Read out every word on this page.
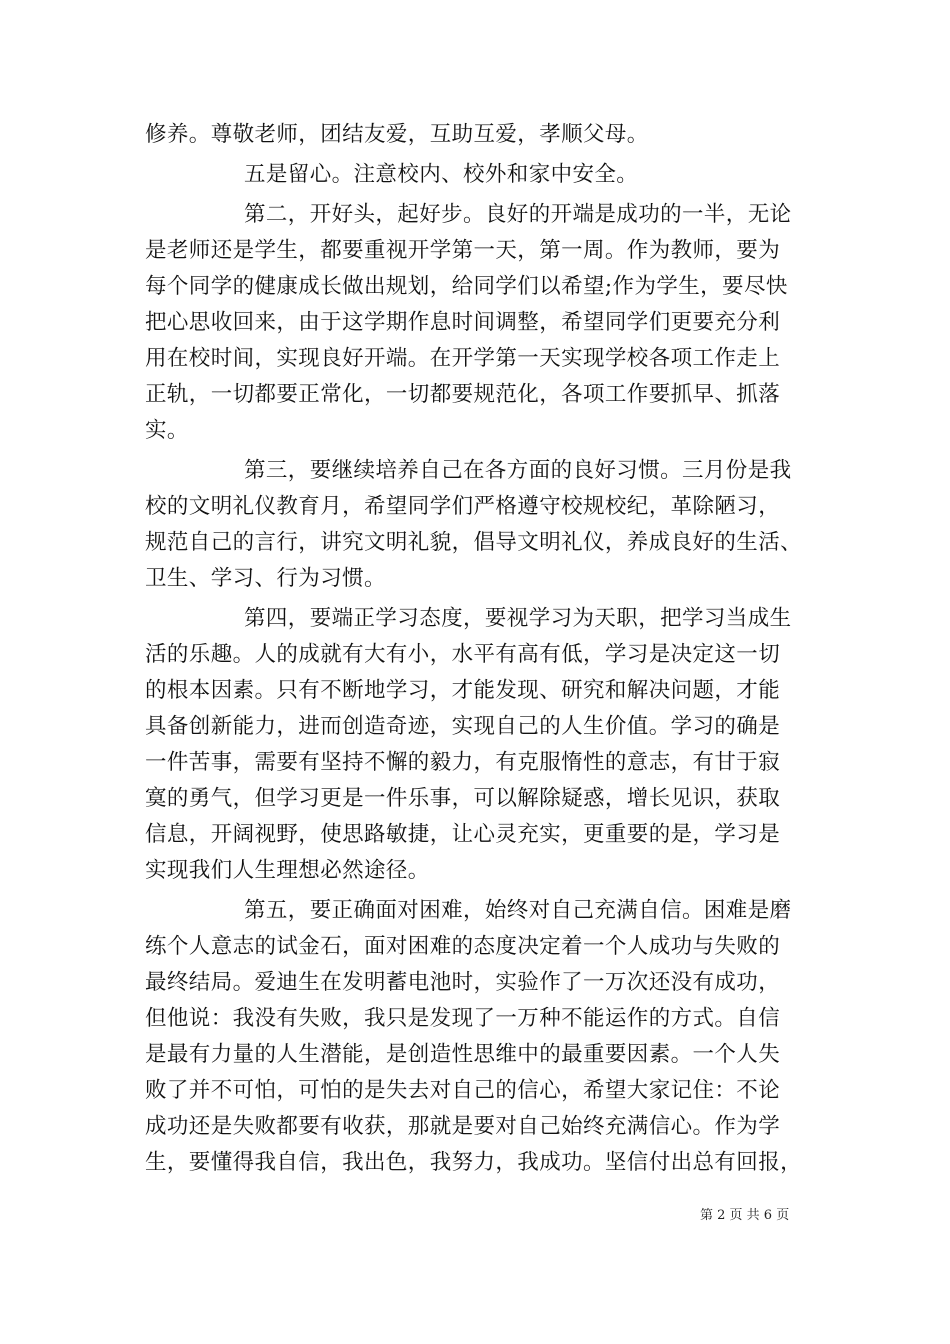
修养。尊敬老师，团结友爱，互助互爱，孝顺父母。

五是留心。注意校内、校外和家中安全。

第二，开好头，起好步。良好的开端是成功的一半，无论
是老师还是学生，都要重视开学第一天，第一周。作为教师，要为
每个同学的健康成长做出规划，给同学们以希望;作为学生，要尽快
把心思收回来，由于这学期作息时间调整，希望同学们更要充分利
用在校时间，实现良好开端。在开学第一天实现学校各项工作走上
正轨，一切都要正常化，一切都要规范化，各项工作要抓早、抓落
实。

第三，要继续培养自己在各方面的良好习惯。三月份是我
校的文明礼仪教育月，希望同学们严格遵守校规校纪，革除陋习，
规范自己的言行，讲究文明礼貌，倡导文明礼仪，养成良好的生活、
卫生、学习、行为习惯。

第四，要端正学习态度，要视学习为天职，把学习当成生
活的乐趣。人的成就有大有小，水平有高有低，学习是决定这一切
的根本因素。只有不断地学习，才能发现、研究和解决问题，才能
具备创新能力，进而创造奇迹，实现自己的人生价值。学习的确是
一件苦事，需要有坚持不懈的毅力，有克服惰性的意志，有甘于寂
寞的勇气，但学习更是一件乐事，可以解除疑惑，增长见识，获取
信息，开阔视野，使思路敏捷，让心灵充实，更重要的是，学习是
实现我们人生理想必然途径。

第五，要正确面对困难，始终对自己充满自信。困难是磨
练个人意志的试金石，面对困难的态度决定着一个人成功与失败的
最终结局。爱迪生在发明蓄电池时，实验作了一万次还没有成功，
但他说：我没有失败，我只是发现了一万种不能运作的方式。自信
是最有力量的人生潜能，是创造性思维中的最重要因素。一个人失
败了并不可怕，可怕的是失去对自己的信心，希望大家记住：不论
成功还是失败都要有收获，那就是要对自己始终充满信心。作为学
生，要懂得我自信，我出色，我努力，我成功。坚信付出总有回报，

第 2 页 共 6 页
